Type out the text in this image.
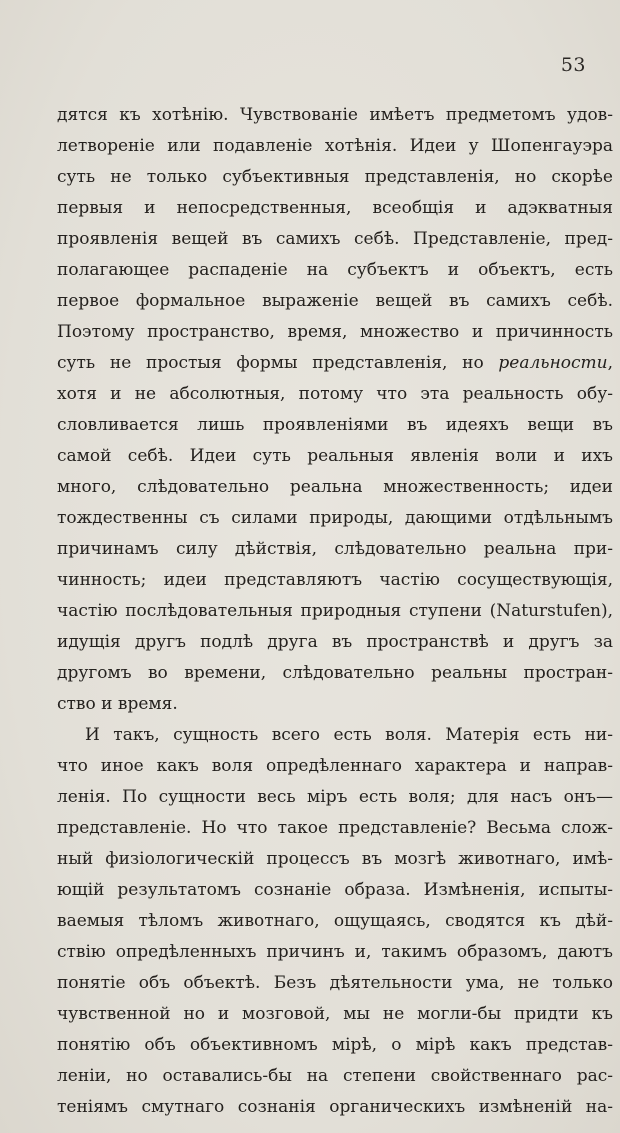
53
дятся къ хотѣнію. Чувствованіе имѣетъ предметомъ удов-
летвореніе или подавленіе хотѣнія. Идеи у Шопенгауэра
суть не только субъективныя представленія, но скорѣе
первыя и непосредственныя, всеобщія и адэкватныя
проявленія вещей въ самихъ себѣ. Представленіе, пред-
полагающее распаденіе на субъектъ и объектъ, есть
первое формальное выраженіе вещей въ самихъ себѣ.
Поэтому пространство, время, множество и причинность
суть не простыя формы представленія, но реальности,
хотя и не абсолютныя, потому что эта реальность обу-
словливается лишь проявленіями въ идеяхъ вещи въ
самой себѣ. Идеи суть реальныя явленія воли и ихъ
много, слѣдовательно реальна множественность; идеи
тождественны съ силами природы, дающими отдѣльнымъ
причинамъ силу дѣйствія, слѣдовательно реальна при-
чинность; идеи представляютъ частію сосуществующія,
частію послѣдовательныя природныя ступени (Naturstufen),
идущія другъ подлѣ друга въ пространствѣ и другъ за
другомъ во времени, слѣдовательно реальны простран-
ство и время.
И такъ, сущность всего есть воля. Матерія есть ни-
что иное какъ воля опредѣленнаго характера и направ-
ленія. По сущности весь міръ есть воля; для насъ онъ—
представленіе. Но что такое представленіе? Весьма слож-
ный физіологическій процессъ въ мозгѣ животнаго, имѣ-
ющій результатомъ сознаніе образа. Измѣненія, испыты-
ваемыя тѣломъ животнаго, ощущаясь, сводятся къ дѣй-
ствію опредѣленныхъ причинъ и, такимъ образомъ, даютъ
понятіе объ объектѣ. Безъ дѣятельности ума, не только
чувственной но и мозговой, мы не могли-бы придти къ
понятію объ объективномъ мірѣ, о мірѣ какъ представ-
леніи, но оставались-бы на степени свойственнаго рас-
теніямъ смутнаго сознанія органическихъ измѣненій на-
